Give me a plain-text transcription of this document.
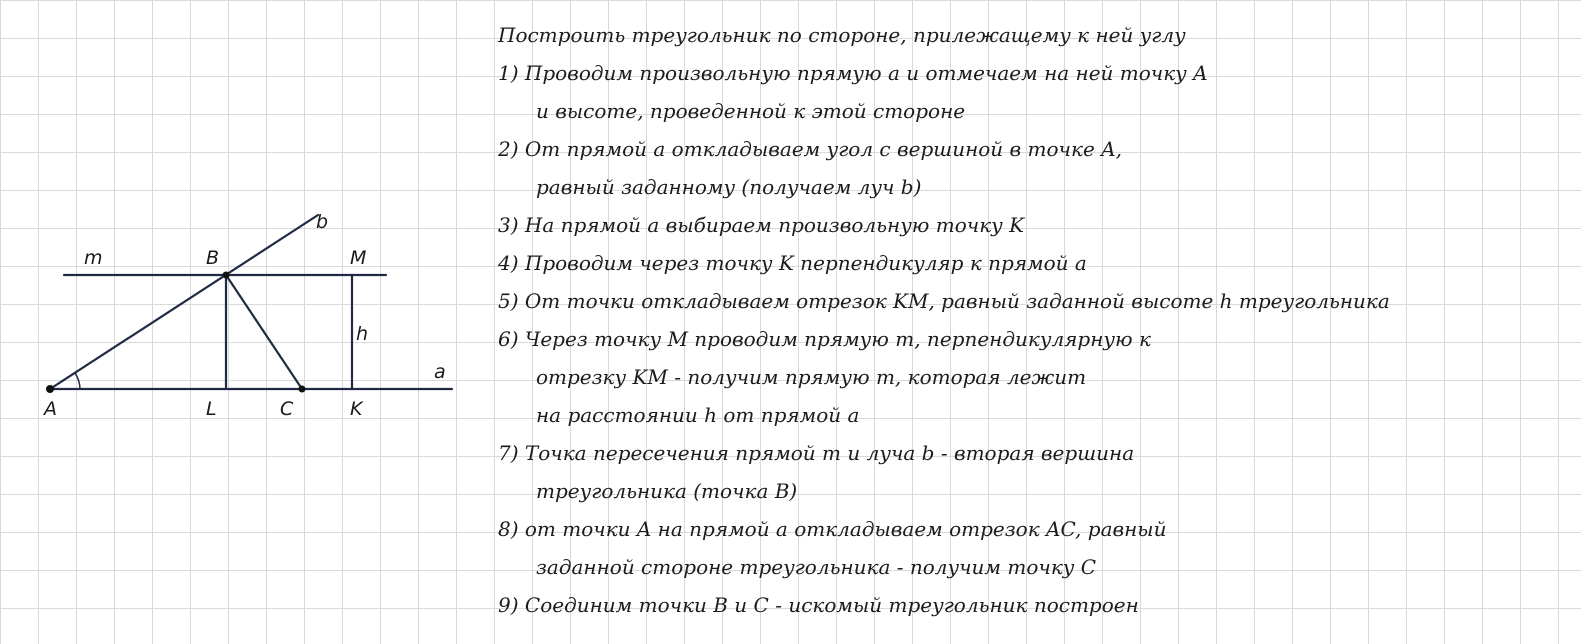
b
m	B	M
h
a
A	L	C	K
Построить треугольник по стороне, прилежащему к ней углу
1) Проводим произвольную прямую a и отмечаем на ней точку A
и высоте, проведенной к этой стороне
2) От прямой a откладываем угол с вершиной в точке A,
равный заданному (получаем луч b)
3) На прямой a выбираем произвольную точку K
4) Проводим через точку K перпендикуляр к прямой a
5) От точки откладываем отрезок KM, равный заданной высоте h треугольника
6) Через точку M проводим прямую m, перпендикулярную к
отрезку KM - получим прямую m, которая лежит
на расстоянии h от прямой a
7) Точка пересечения прямой m и луча b - вторая вершина
треугольника (точка B)
8) от точки A на прямой a откладываем отрезок AC, равный
заданной стороне треугольника - получим точку C
9) Соединим точки B и C - искомый треугольник построен
